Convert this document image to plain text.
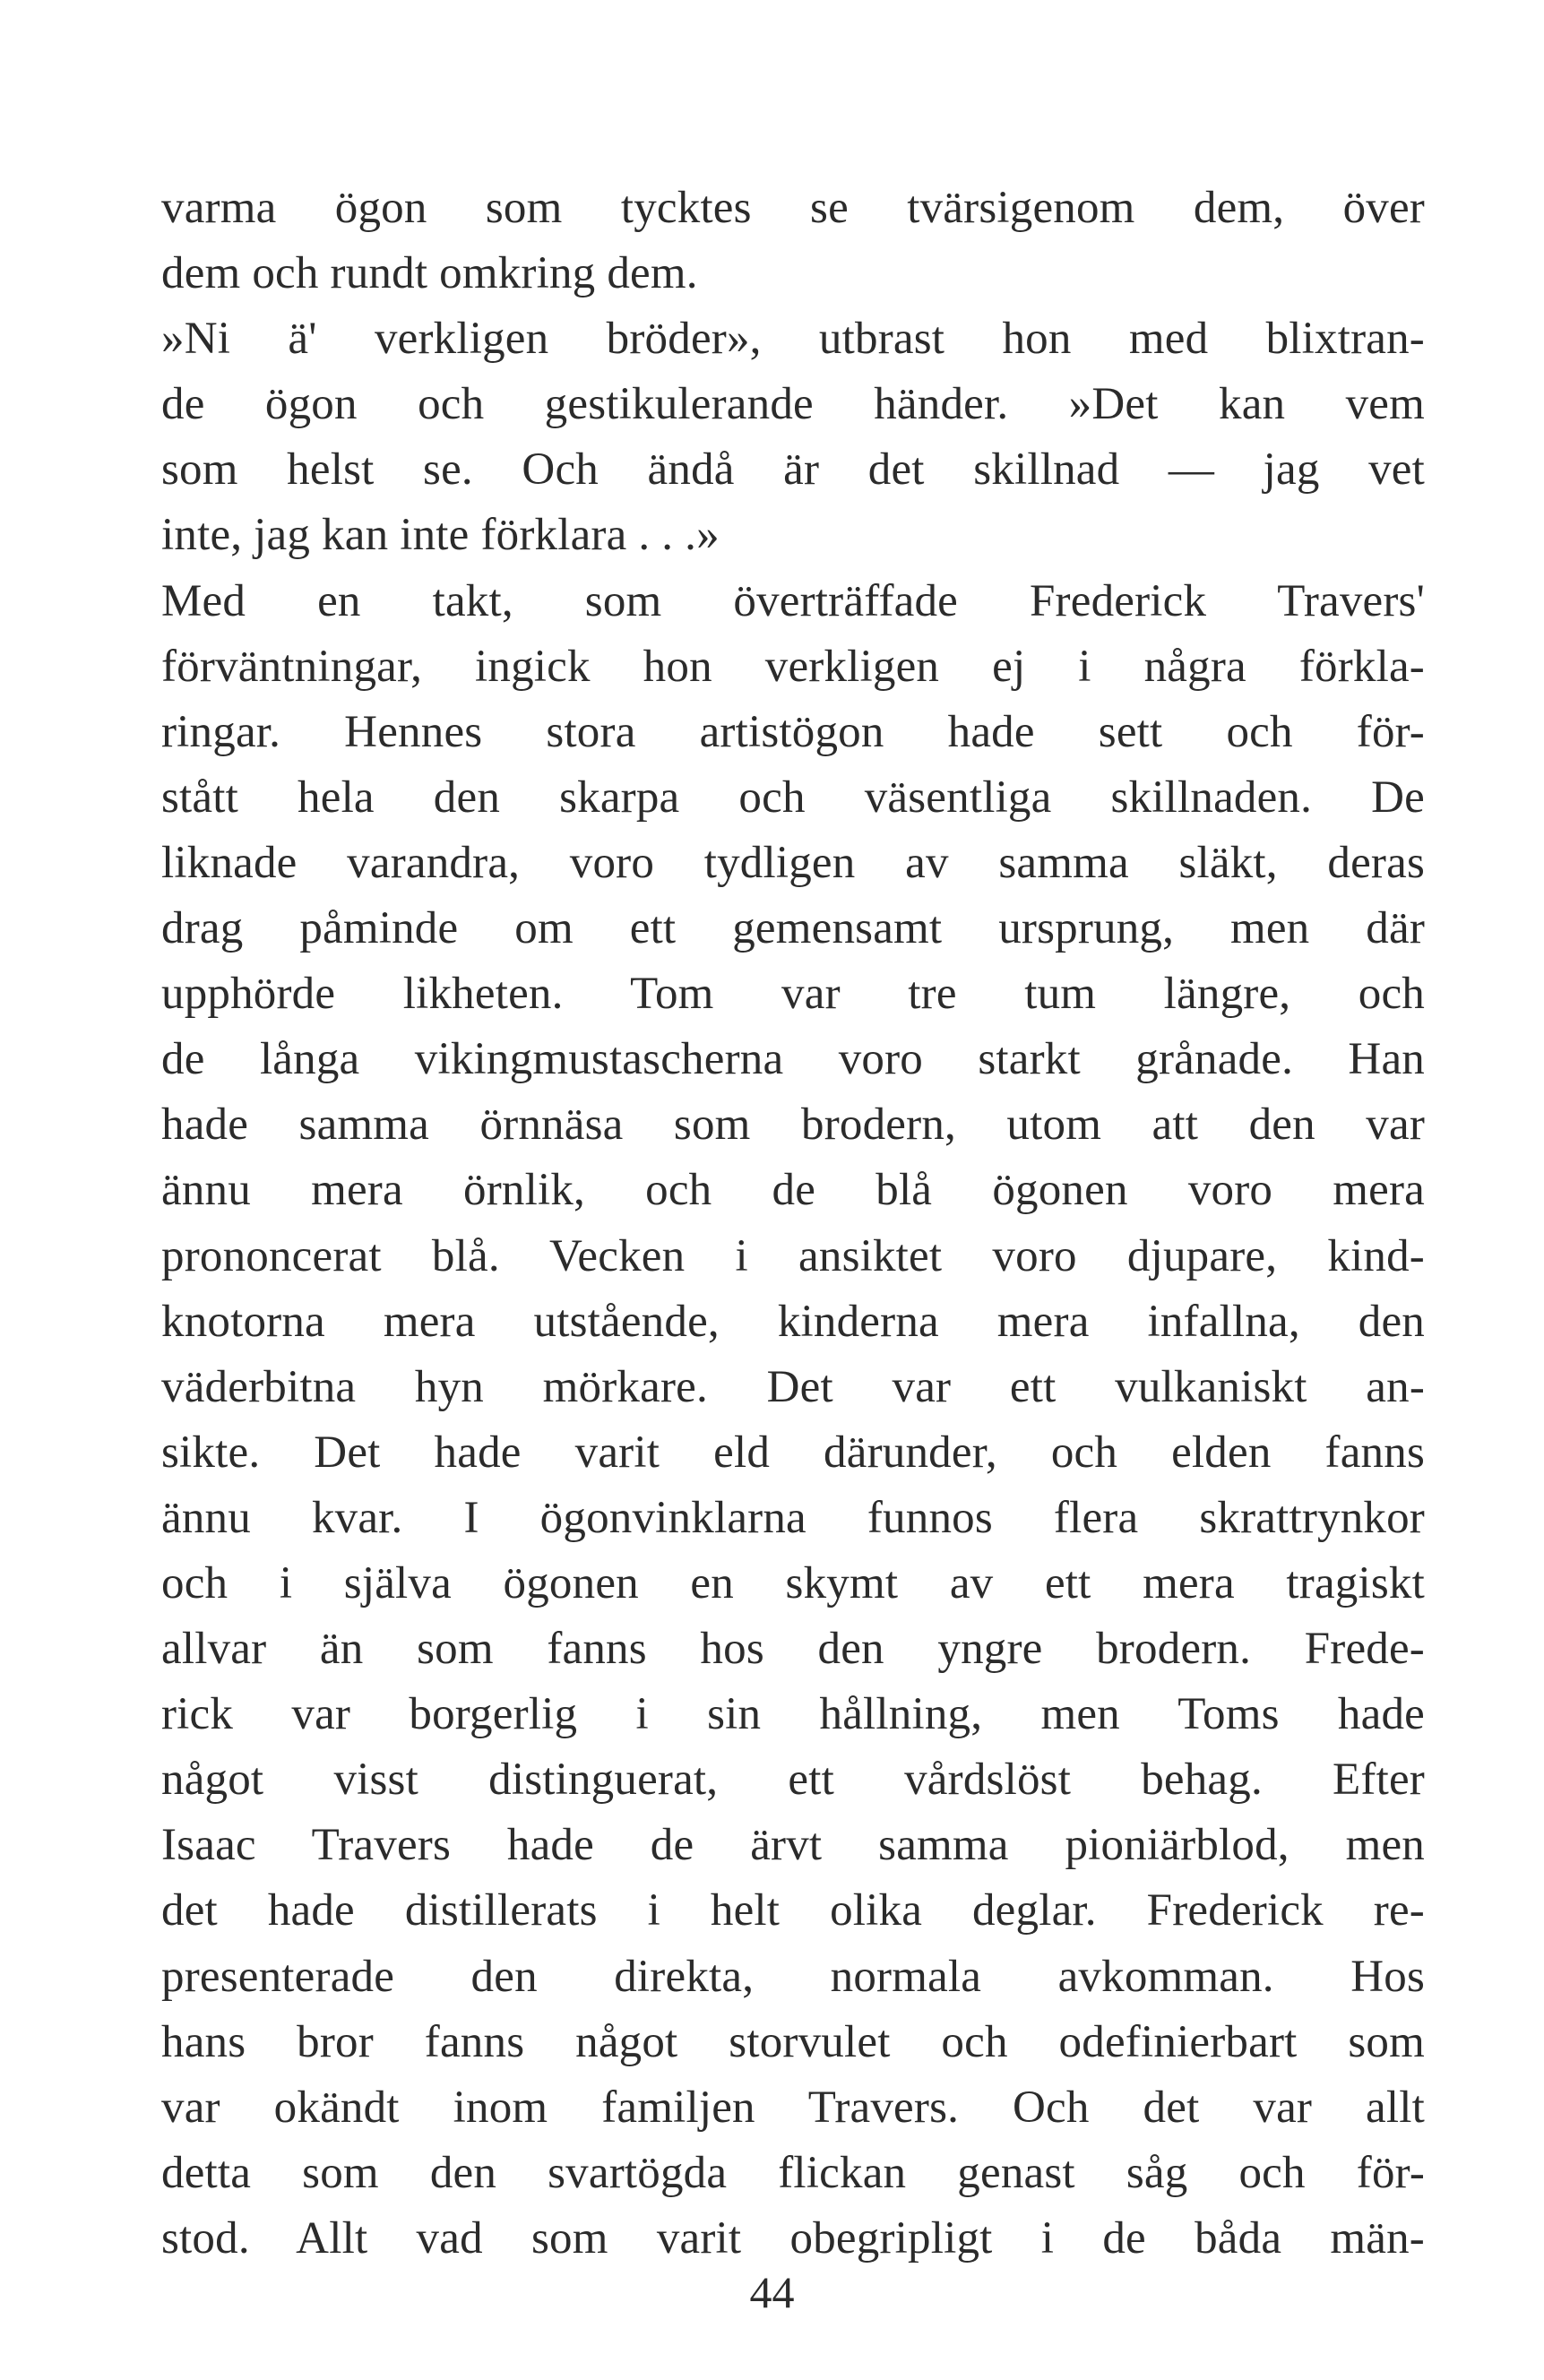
varma ögon som tycktes se tvärsigenom dem, över
dem och rundt omkring dem.
»Ni ä' verkligen bröder», utbrast hon med blixtran-
de ögon och gestikulerande händer. »Det kan vem
som helst se. Och ändå är det skillnad — jag vet
inte, jag kan inte förklara . . .»
Med en takt, som överträffade Frederick Travers'
förväntningar, ingick hon verkligen ej i några förkla-
ringar. Hennes stora artistögon hade sett och för-
stått hela den skarpa och väsentliga skillnaden. De
liknade varandra, voro tydligen av samma släkt, deras
drag påminde om ett gemensamt ursprung, men där
upphörde likheten. Tom var tre tum längre, och
de långa vikingmustascherna voro starkt grånade. Han
hade samma örnnäsa som brodern, utom att den var
ännu mera örnlik, och de blå ögonen voro mera
prononcerat blå. Vecken i ansiktet voro djupare, kind-
knotorna mera utstående, kinderna mera infallna, den
väderbitna hyn mörkare. Det var ett vulkaniskt an-
sikte. Det hade varit eld därunder, och elden fanns
ännu kvar. I ögonvinklarna funnos flera skrattrynkor
och i själva ögonen en skymt av ett mera tragiskt
allvar än som fanns hos den yngre brodern. Frede-
rick var borgerlig i sin hållning, men Toms hade
något visst distinguerat, ett vårdslöst behag. Efter
Isaac Travers hade de ärvt samma pioniärblod, men
det hade distillerats i helt olika deglar. Frederick re-
presenterade den direkta, normala avkomman. Hos
hans bror fanns något storvulet och odefinierbart som
var okändt inom familjen Travers. Och det var allt
detta som den svartögda flickan genast såg och för-
stod. Allt vad som varit obegripligt i de båda män-
44
